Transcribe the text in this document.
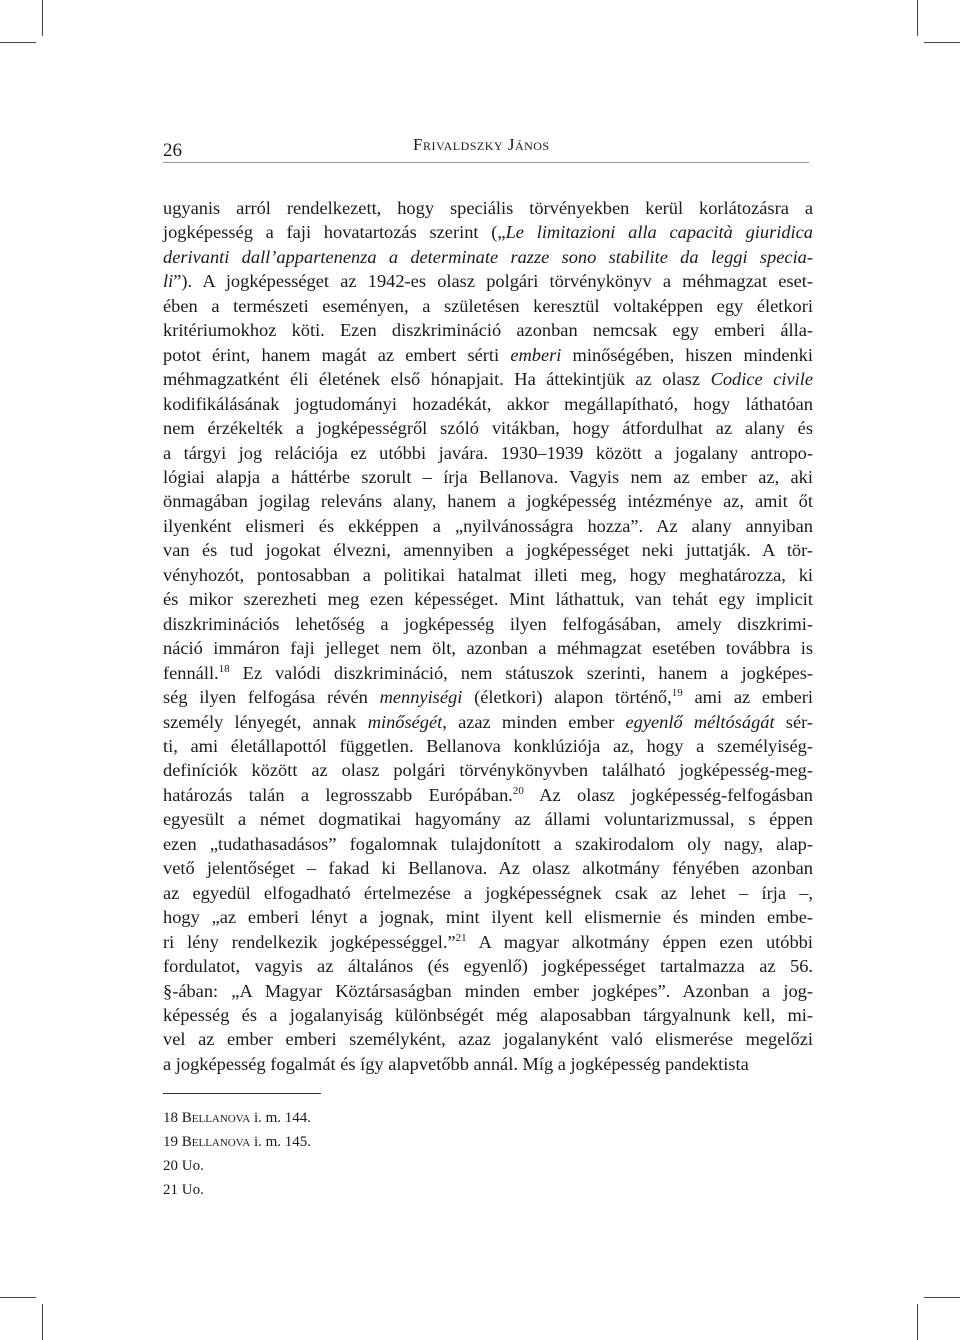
26	Frivaldszky János
ugyanis arról rendelkezett, hogy speciális törvényekben kerül korlátozásra a
jogképesség a faji hovatartozás szerint („Le limitazioni alla capacità giuridica
derivanti dall’appartenenza a determinate razze sono stabilite da leggi specia-
li”). A jogképességet az 1942-es olasz polgári törvénykönyv a méhmagzat eset-
ében a természeti eseményen, a születésen keresztül voltaképpen egy életkori
kritériumokhoz köti. Ezen diszkrimináció azonban nemcsak egy emberi álla-
potot érint, hanem magát az embert sérti emberi minőségében, hiszen mindenki
méhmagzatként éli életének első hónapjait. Ha áttekintjük az olasz Codice civile
kodifikálásának jogtudományi hozadékát, akkor megállapítható, hogy láthatóan
nem érzékelték a jogképességről szóló vitákban, hogy átfordulhat az alany és
a tárgyi jog relációja ez utóbbi javára. 1930–1939 között a jogalany antropo-
lógiai alapja a háttérbe szorult – írja Bellanova. Vagyis nem az ember az, aki
önmagában jogilag releváns alany, hanem a jogképesség intézménye az, amit őt
ilyenként elismeri és ekképpen a „nyilvánosságra hozza”. Az alany annyiban
van és tud jogokat élvezni, amennyiben a jogképességet neki juttatják. A tör-
vényhozót, pontosabban a politikai hatalmat illeti meg, hogy meghatározza, ki
és mikor szerezheti meg ezen képességet. Mint láthattuk, van tehát egy implicit
diszkriminációs lehetőség a jogképesség ilyen felfogásában, amely diszkrimi-
náció immáron faji jelleget nem ölt, azonban a méhmagzat esetében továbbra is
fennáll.$^{18}$ Ez valódi diszkrimináció, nem státuszok szerinti, hanem a jogképes-
ség ilyen felfogása révén mennyiségi (életkori) alapon történő,$^{19}$ ami az emberi
személy lényegét, annak minőségét, azaz minden ember egyenlő méltóságát sér-
ti, ami életállapottól független. Bellanova konklúziója az, hogy a személyiség-
definíciók között az olasz polgári törvénykönyvben található jogképesség-meg-
határozás talán a legrosszabb Európában.$^{20}$ Az olasz jogképesség-felfogásban
egyesült a német dogmatikai hagyomány az állami voluntarizmussal, s éppen
ezen „tudathasadásos” fogalomnak tulajdonított a szakirodalom oly nagy, alap-
vető jelentőséget – fakad ki Bellanova. Az olasz alkotmány fényében azonban
az egyedül elfogadható értelmezése a jogképességnek csak az lehet – írja –,
hogy „az emberi lényt a jognak, mint ilyent kell elismernie és minden embe-
ri lény rendelkezik jogképességgel.”$^{21}$ A magyar alkotmány éppen ezen utóbbi
fordulatot, vagyis az általános (és egyenlő) jogképességet tartalmazza az 56.
§-ában: „A Magyar Köztársaságban minden ember jogképes”. Azonban a jog-
képesség és a jogalanyiság különbségét még alaposabban tárgyalnunk kell, mi-
vel az ember emberi személyként, azaz jogalanyként való elismerése megelőzi
a jogképesség fogalmát és így alapvetőbb annál. Míg a jogképesség pandektista
18 Bellanova i. m. 144.
19 Bellanova i. m. 145.
20 Uo.
21 Uo.
